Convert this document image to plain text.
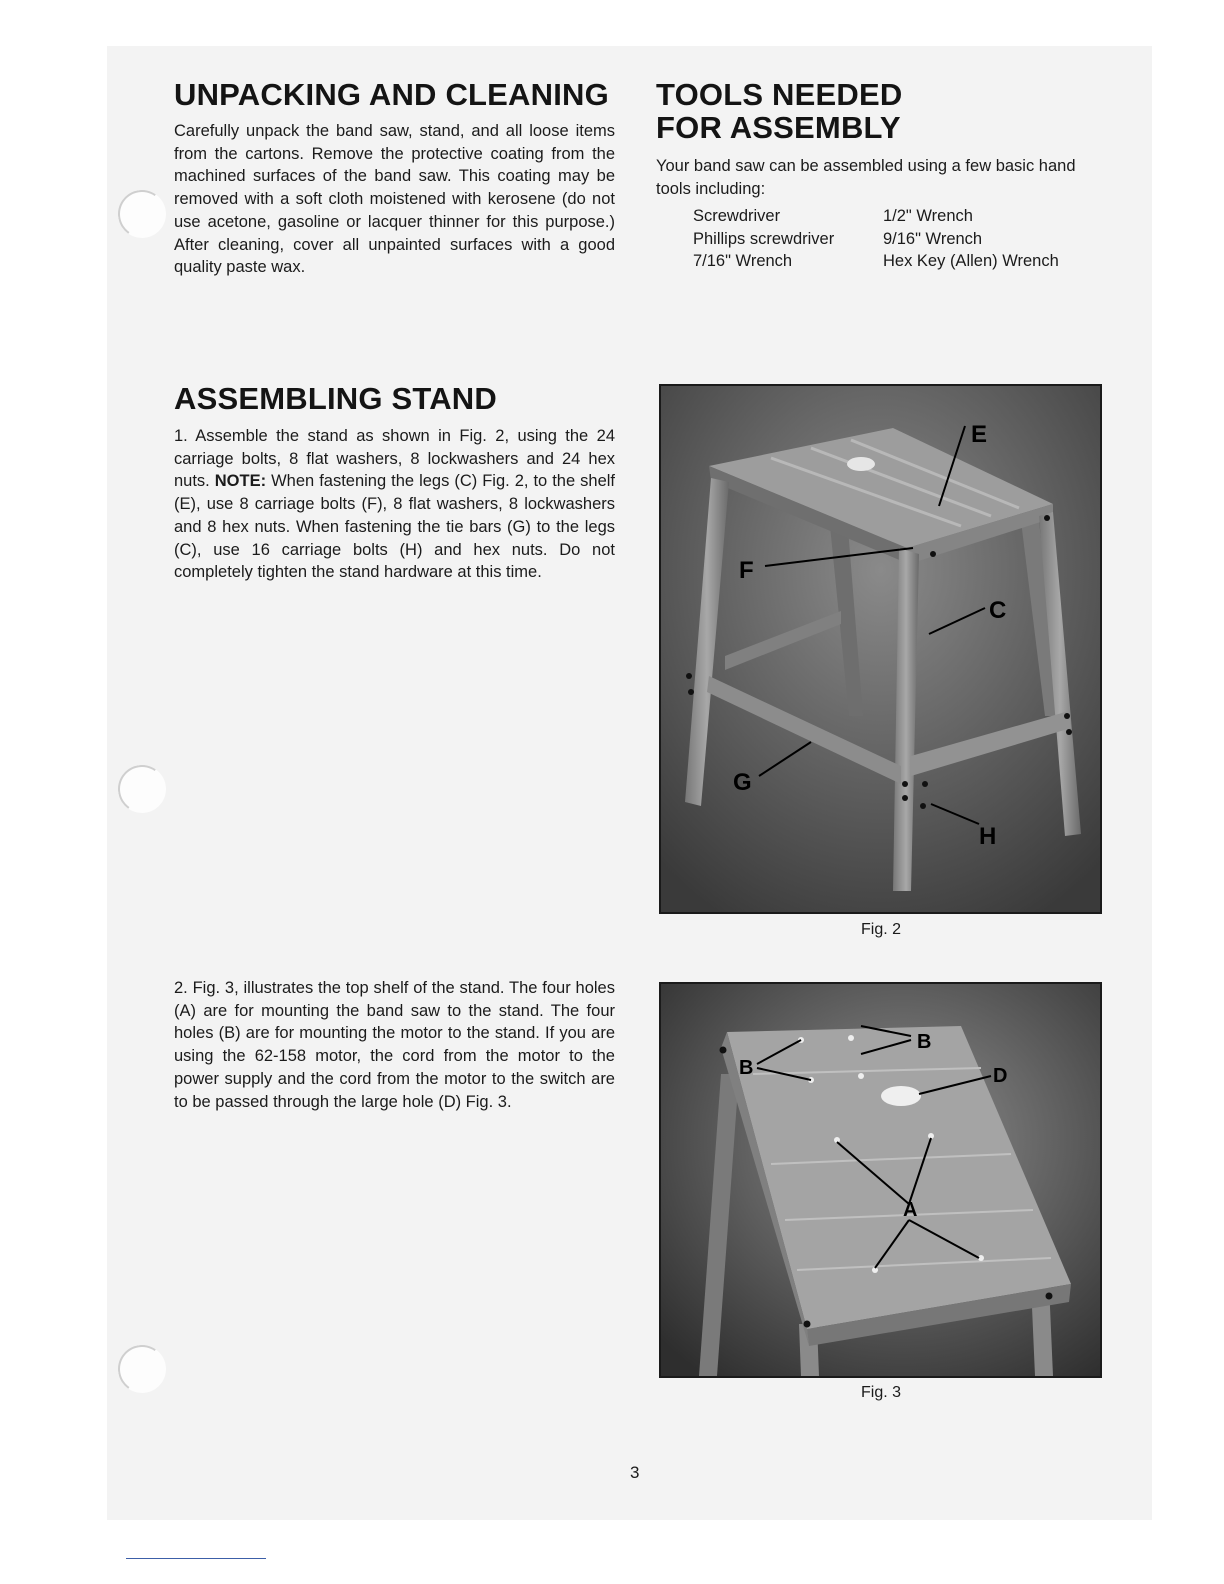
UNPACKING AND CLEANING

Carefully unpack the band saw, stand, and all loose items from the cartons. Remove the protective coating from the machined surfaces of the band saw. This coating may be removed with a soft cloth moistened with kerosene (do not use acetone, gasoline or lacquer thinner for this purpose.) After cleaning, cover all unpainted surfaces with a good quality paste wax.

ASSEMBLING STAND

1. Assemble the stand as shown in Fig. 2, using the 24 carriage bolts, 8 flat washers, 8 lockwashers and 24 hex nuts. NOTE: When fastening the legs (C) Fig. 2, to the shelf (E), use 8 carriage bolts (F), 8 flat washers, 8 lockwashers and 8 hex nuts. When fastening the tie bars (G) to the legs (C), use 16 carriage bolts (H) and hex nuts. Do not completely tighten the stand hardware at this time.

2. Fig. 3, illustrates the top shelf of the stand. The four holes (A) are for mounting the band saw to the stand. The four holes (B) are for mounting the motor to the stand. If you are using the 62-158 motor, the cord from the motor to the power supply and the cord from the motor to the switch are to be passed through the large hole (D) Fig. 3.

TOOLS NEEDED
FOR ASSEMBLY

Your band saw can be assembled using a few basic hand tools including:

Screwdriver	1/2" Wrench
Phillips screwdriver	9/16" Wrench
7/16" Wrench	Hex Key (Allen) Wrench
E
F
C
G
H
Fig. 2
B
B
D
A
Fig. 3
3
